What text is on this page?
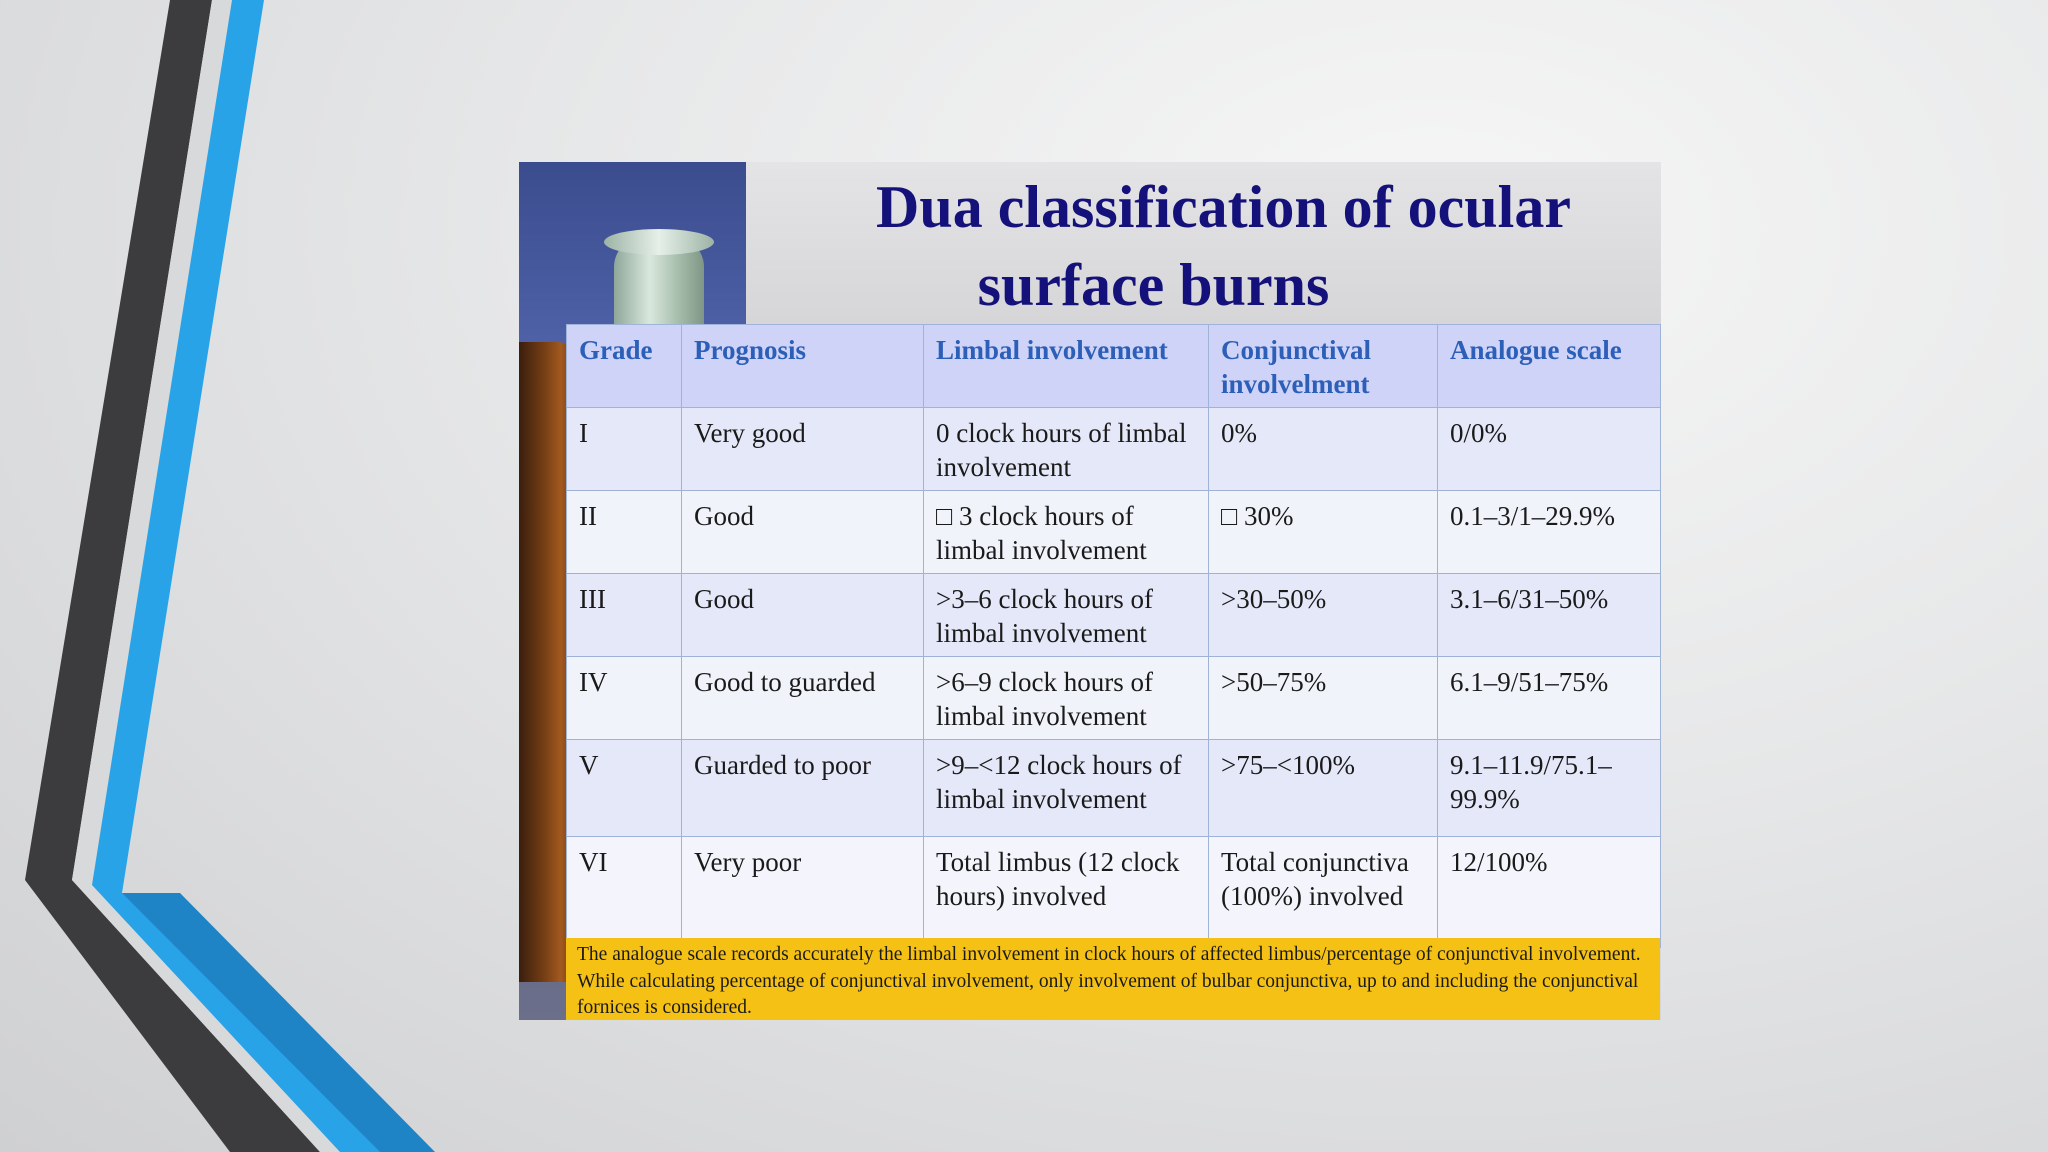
Dua classification of ocular
surface burns
Grade	Prognosis	Limbal involvement	Conjunctival involvelment	Analogue scale
I	Very good	0 clock hours of limbal involvement	0%	0/0%
II	Good	□ 3 clock hours of limbal involvement	□ 30%	0.1–3/1–29.9%
III	Good	>3–6 clock hours of limbal involvement	>30–50%	3.1–6/31–50%
IV	Good to guarded	>6–9 clock hours of limbal involvement	>50–75%	6.1–9/51–75%
V	Guarded to poor	>9–<12 clock hours of limbal involvement	>75–<100%	9.1–11.9/75.1–99.9%
VI	Very poor	Total limbus (12 clock hours) involved	Total conjunctiva (100%) involved	12/100%

The analogue scale records accurately the limbal involvement in clock hours of affected limbus/percentage of conjunctival involvement. While calculating percentage of conjunctival involvement, only involvement of bulbar conjunctiva, up to and including the conjunctival fornices is considered.
